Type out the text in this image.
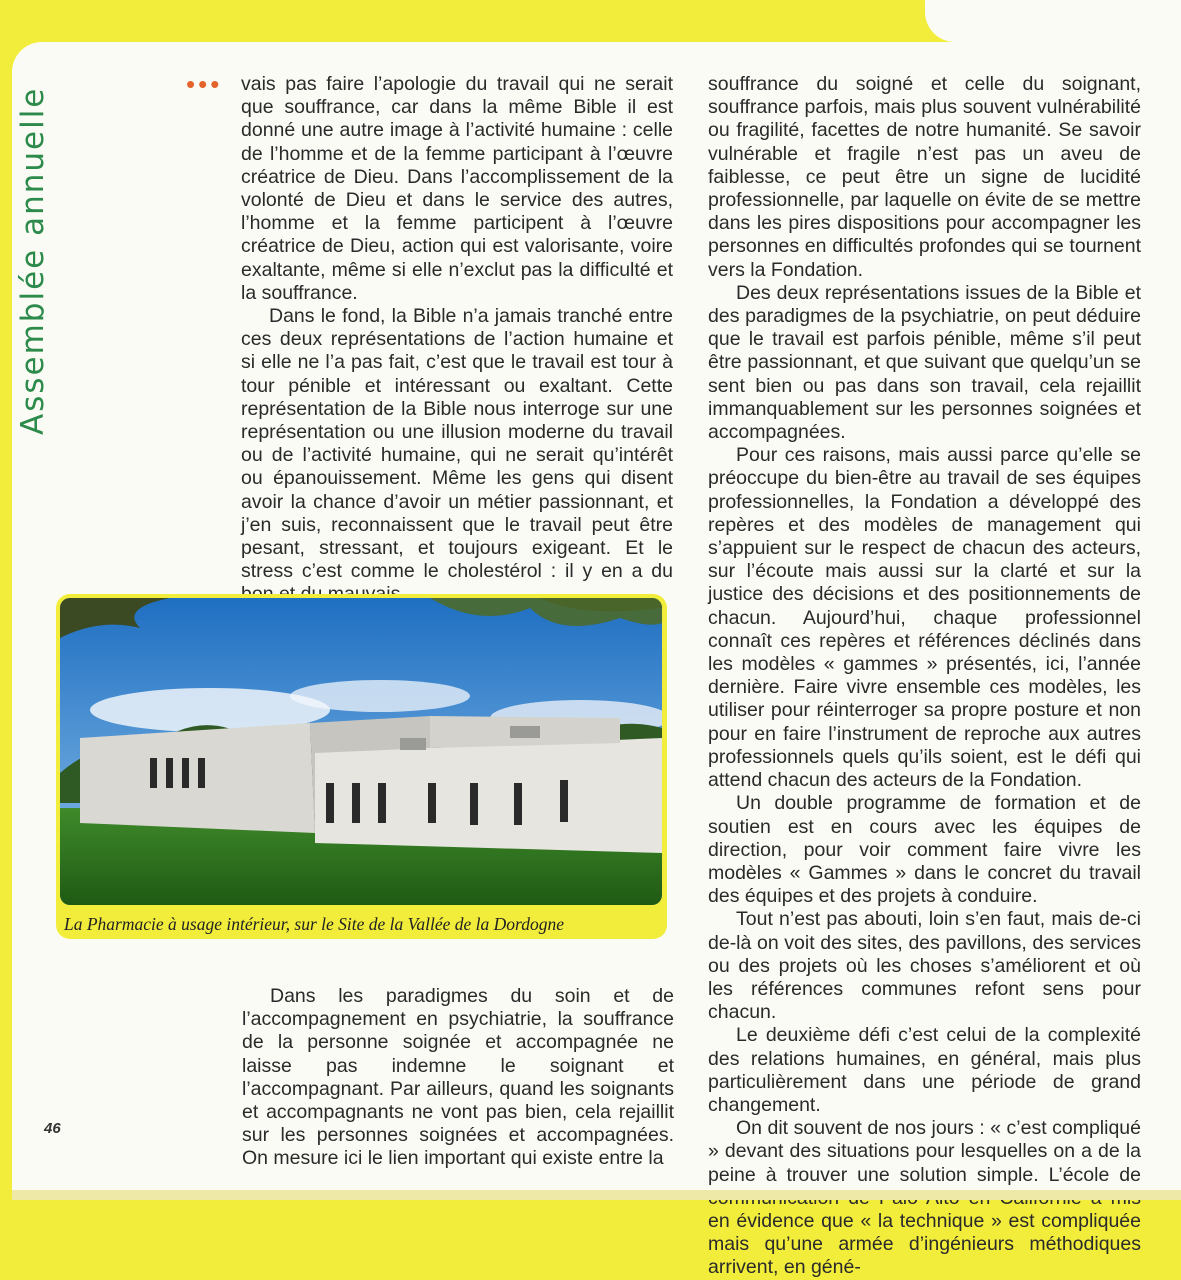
Assemblée annuelle
••• vais pas faire l’apologie du travail qui ne serait que souffrance, car dans la même Bible il est donné une autre image à l’activité humaine : celle de l’homme et de la femme participant à l’œuvre créatrice de Dieu. Dans l’accomplissement de la volonté de Dieu et dans le service des autres, l’homme et la femme participent à l’œuvre créatrice de Dieu, action qui est valorisante, voire exaltante, même si elle n’exclut pas la difficulté et la souffrance.

Dans le fond, la Bible n’a jamais tranché entre ces deux représentations de l’action humaine et si elle ne l’a pas fait, c’est que le travail est tour à tour pénible et intéressant ou exaltant. Cette représentation de la Bible nous interroge sur une représentation ou une illusion moderne du travail ou de l’activité humaine, qui ne serait qu’intérêt ou épanouissement. Même les gens qui disent avoir la chance d’avoir un métier passionnant, et j’en suis, reconnaissent que le travail peut être pesant, stressant, et toujours exigeant. Et le stress c’est comme le cholestérol : il y en a du

La Pharmacie à usage intérieur, sur le Site de la Vallée de la Dordogne

Dans les paradigmes du soin et de l’accompagnement en psychiatrie, la souffrance de la personne soignée et accompagnée ne laisse pas indemne le soignant et l’accompagnant. Par ailleurs, quand les soignants et accompagnants ne vont pas bien, cela rejaillit sur les personnes soignées et accompagnées. On mesure ici le lien important qui existe entre la

souffrance du soigné et celle du soignant, souffrance parfois, mais plus souvent vulnérabilité ou fragilité, facettes de notre humanité. Se savoir vulnérable et fragile n’est pas un aveu de faiblesse, ce peut être un signe de lucidité professionnelle, par laquelle on évite de se mettre dans les pires dispositions pour accompagner les personnes en difficultés profondes qui se tournent vers la Fondation.

Des deux représentations issues de la Bible et des paradigmes de la psychiatrie, on peut déduire que le travail est parfois pénible, même s’il peut être passionnant, et que suivant que quelqu’un se sent bien ou pas dans son travail, cela rejaillit immanquablement sur les personnes soignées et accompagnées.

Pour ces raisons, mais aussi parce qu’elle se préoccupe du bien-être au travail de ses équipes professionnelles, la Fondation a développé des repères et des modèles de management qui s’appuient sur le respect de chacun des acteurs, sur l’écoute mais aussi sur la clarté et sur la justice des décisions et des positionnements de chacun. Aujourd’hui, chaque professionnel connaît ces repères et références déclinés dans les modèles « gammes » présentés, ici, l’année dernière. Faire vivre ensemble ces modèles, les utiliser pour réinterroger sa propre posture et non pour en faire l’instrument de reproche aux autres professionnels quels qu’ils soient, est le défi qui attend chacun des acteurs de la Fondation.

Un double programme de formation et de soutien est en cours avec les équipes de direction, pour voir comment faire vivre les modèles « Gammes » dans le concret du travail des équipes et des projets à conduire.

Tout n’est pas abouti, loin s’en faut, mais de-ci de-là on voit des sites, des pavillons, des services ou des projets où les choses s’améliorent et où les références communes refont sens pour chacun.

Le deuxième défi c’est celui de la complexité des relations humaines, en général, mais plus particulièrement dans une période de grand changement.

On dit souvent de nos jours : « c’est compliqué » devant des situations pour lesquelles on a de la peine à trouver une solution simple. L’école de en évidence que « la technique » est compliquée mais qu’une armée d’ingénieurs méthodiques arrivent, en géné-

46
